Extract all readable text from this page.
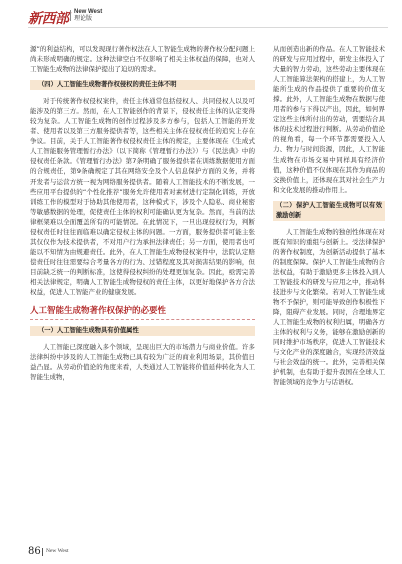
新西部 New West
理论版

源”的利益结构，可以发现现行著作权法在人工智能生成物的著作权分配问题上尚未形成明确的规定。这种法律空白不仅影响了相关主体权益的保障，也对人工智能生成物的法律保护提出了迫切的需求。

（四）人工智能生成物著作权侵权的责任主体不明

对于传统著作权侵权案件，责任主体通常包括侵权人、共同侵权人以及可能涉及的第三方。然而，在人工智能创作的背景下，侵权责任主体的认定变得较为复杂。人工智能生成物的创作过程涉及多方参与，包括人工智能的开发者、使用者以及第三方服务提供者等，这些相关主体在侵权责任的追究上存在争议。目前，关于人工智能著作权侵权责任主体的规定，主要体现在《生成式人工智能服务管理暂行办法》（以下简称《管理暂行办法》）与《民法典》中的侵权责任条款。《管理暂行办法》第7条明确了服务提供者在训练数据使用方面的合规责任，第9条确规定了其在网络安全及个人信息保护方面的义务，并将开发者与运营方统一视为网络服务提供者。随着人工智能技术的不断发展，一些应用平台提供的“个性化推荐”服务允许使用者对素材进行定制化训练，开放训练工作的模型对于协助其他使用者，这种模式下，涉及个人隐私、商业秘密等敏感数据的处理，促使责任主体的权利可能确认更为复杂。然而，当前的法律框架难以全面覆盖所有的可能情况。在此情况下，一旦出现侵权行为，判断侵权责任时往往面临难以确定侵权主体的问题。一方面，服务提供者可能主张其仅仅作为技术提供者，不对用户行为承担法律责任；另一方面，使用者也可能以不知情为由规避责任。此外，在人工智能生成物侵权案件中，法院认定赔偿责任时往往需要综合考量各方的行为、过错程度及其对损害结果的影响，但目前缺乏统一的判断标准，这使得侵权纠纷的处理更加复杂。因此，亟需完善相关法律规定，明确人工智能生成物侵权的责任主体，以更好地保护各方合法权益，促进人工智能产业的健康发展。

人工智能生成物著作权保护的必要性
（一）人工智能生成物具有价值属性

人工智能已深度融入多个领域，呈现出巨大的市场潜力与商业价值。许多法律纠纷中涉及的人工智能生成物已具有较为广泛的商业利用场景，其价值日益凸显。从劳动价值论的角度来看，人类通过人工智能将价值延伸转化为人工智能生成物，

从而创造出新的作品。在人工智能技术的研发与应用过程中，研发主体投入了大量的智力劳动，这些劳动主要体现在人工智能算法架构的搭建上，为人工智能所生成的作品提供了重要的价值支撑。此外，人工智能生成物在数据与使用者的参与下得以产出，因此，如何界定这些主体所付出的劳动，需要结合具体的技术过程进行判断。从劳动价值论的视角看，每一个环节都需要投入人力、物力与时间资源，因此，人工智能生成物在市场交易中同样具有经济价值，这种价值不仅体现在其作为商品的交换价值上，还体现在其对社会生产力和文化发展的推动作用上。

（二）保护人工智能生成物可以有效激励创新

人工智能生成物的独创性体现在对既有知识的重组与创新上。受法律保护的著作权制度，为创新活动提供了基本的制度保障。保护人工智能生成物的合法权益，有助于激励更多主体投入到人工智能技术的研发与应用之中，推动科技进步与文化繁荣。若对人工智能生成物不予保护，则可能导致创作积极性下降，阻碍产业发展。同时，合理地界定人工智能生成物的权利归属，明确各方主体的权利与义务，能够在激励创新的同时维护市场秩序，促进人工智能技术与文化产业的深度融合，实现经济效益与社会效益的统一。此外，完善相关保护机制，也有助于提升我国在全球人工智能领域的竞争力与话语权。

86 New West
